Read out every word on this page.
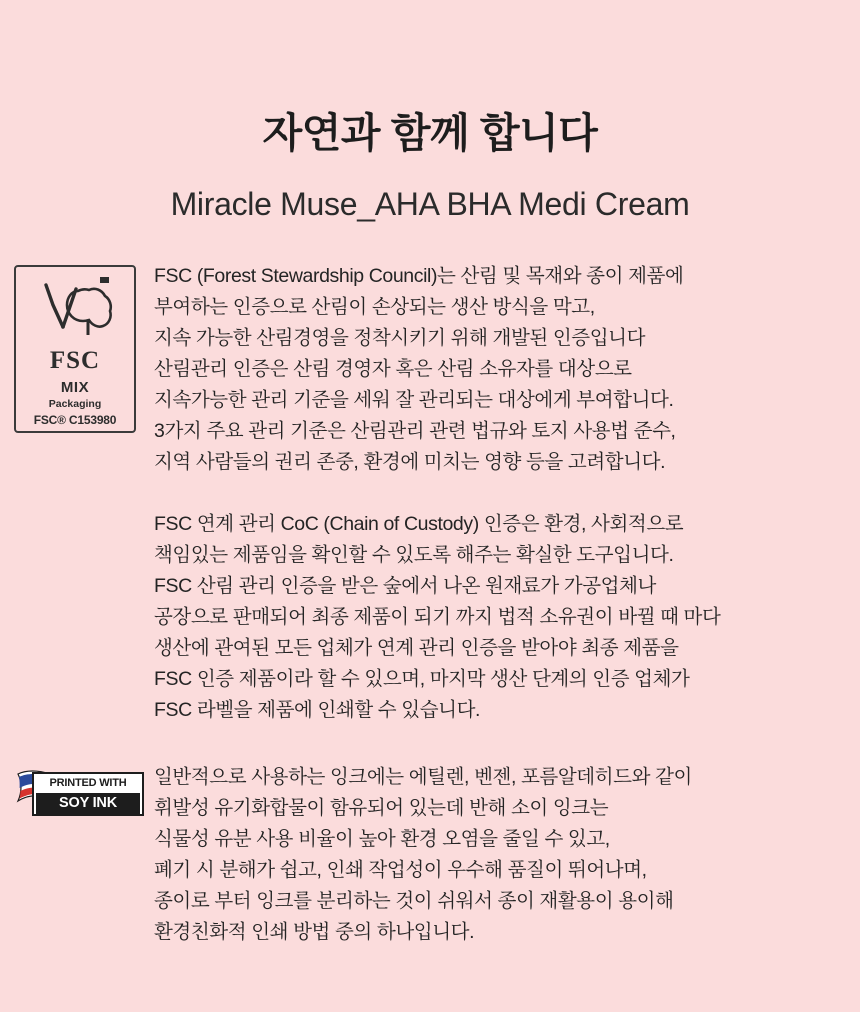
자연과 함께 합니다
Miracle Muse_AHA BHA Medi Cream
FSC
MIX
Packaging
FSC® C153980
FSC (Forest Stewardship Council)는 산림 및 목재와 종이 제품에
부여하는 인증으로 산림이 손상되는 생산 방식을 막고,
지속 가능한 산림경영을 정착시키기 위해 개발된 인증입니다
산림관리 인증은 산림 경영자 혹은 산림 소유자를 대상으로
지속가능한 관리 기준을 세워 잘 관리되는 대상에게 부여합니다.
3가지 주요 관리 기준은 산림관리 관련 법규와 토지 사용법 준수,
지역 사람들의 권리 존중, 환경에 미치는 영향 등을 고려합니다.
FSC 연계 관리 CoC (Chain of Custody) 인증은 환경, 사회적으로
책임있는 제품임을 확인할 수 있도록 해주는 확실한 도구입니다.
FSC 산림 관리 인증을 받은 숲에서 나온 원재료가 가공업체나
공장으로 판매되어 최종 제품이 되기 까지 법적 소유권이 바뀔 때 마다
생산에 관여된 모든 업체가 연계 관리 인증을 받아야 최종 제품을
FSC 인증 제품이라 할 수 있으며, 마지막 생산 단계의 인증 업체가
FSC 라벨을 제품에 인쇄할 수 있습니다.
PRINTED WITH
SOY INK
일반적으로 사용하는 잉크에는 에틸렌, 벤젠, 포름알데히드와 같이
휘발성 유기화합물이 함유되어 있는데 반해 소이 잉크는
식물성 유분 사용 비율이 높아 환경 오염을 줄일 수 있고,
폐기 시 분해가 쉽고, 인쇄 작업성이 우수해 품질이 뛰어나며,
종이로 부터 잉크를 분리하는 것이 쉬워서 종이 재활용이 용이해
환경친화적 인쇄 방법 중의 하나입니다.
